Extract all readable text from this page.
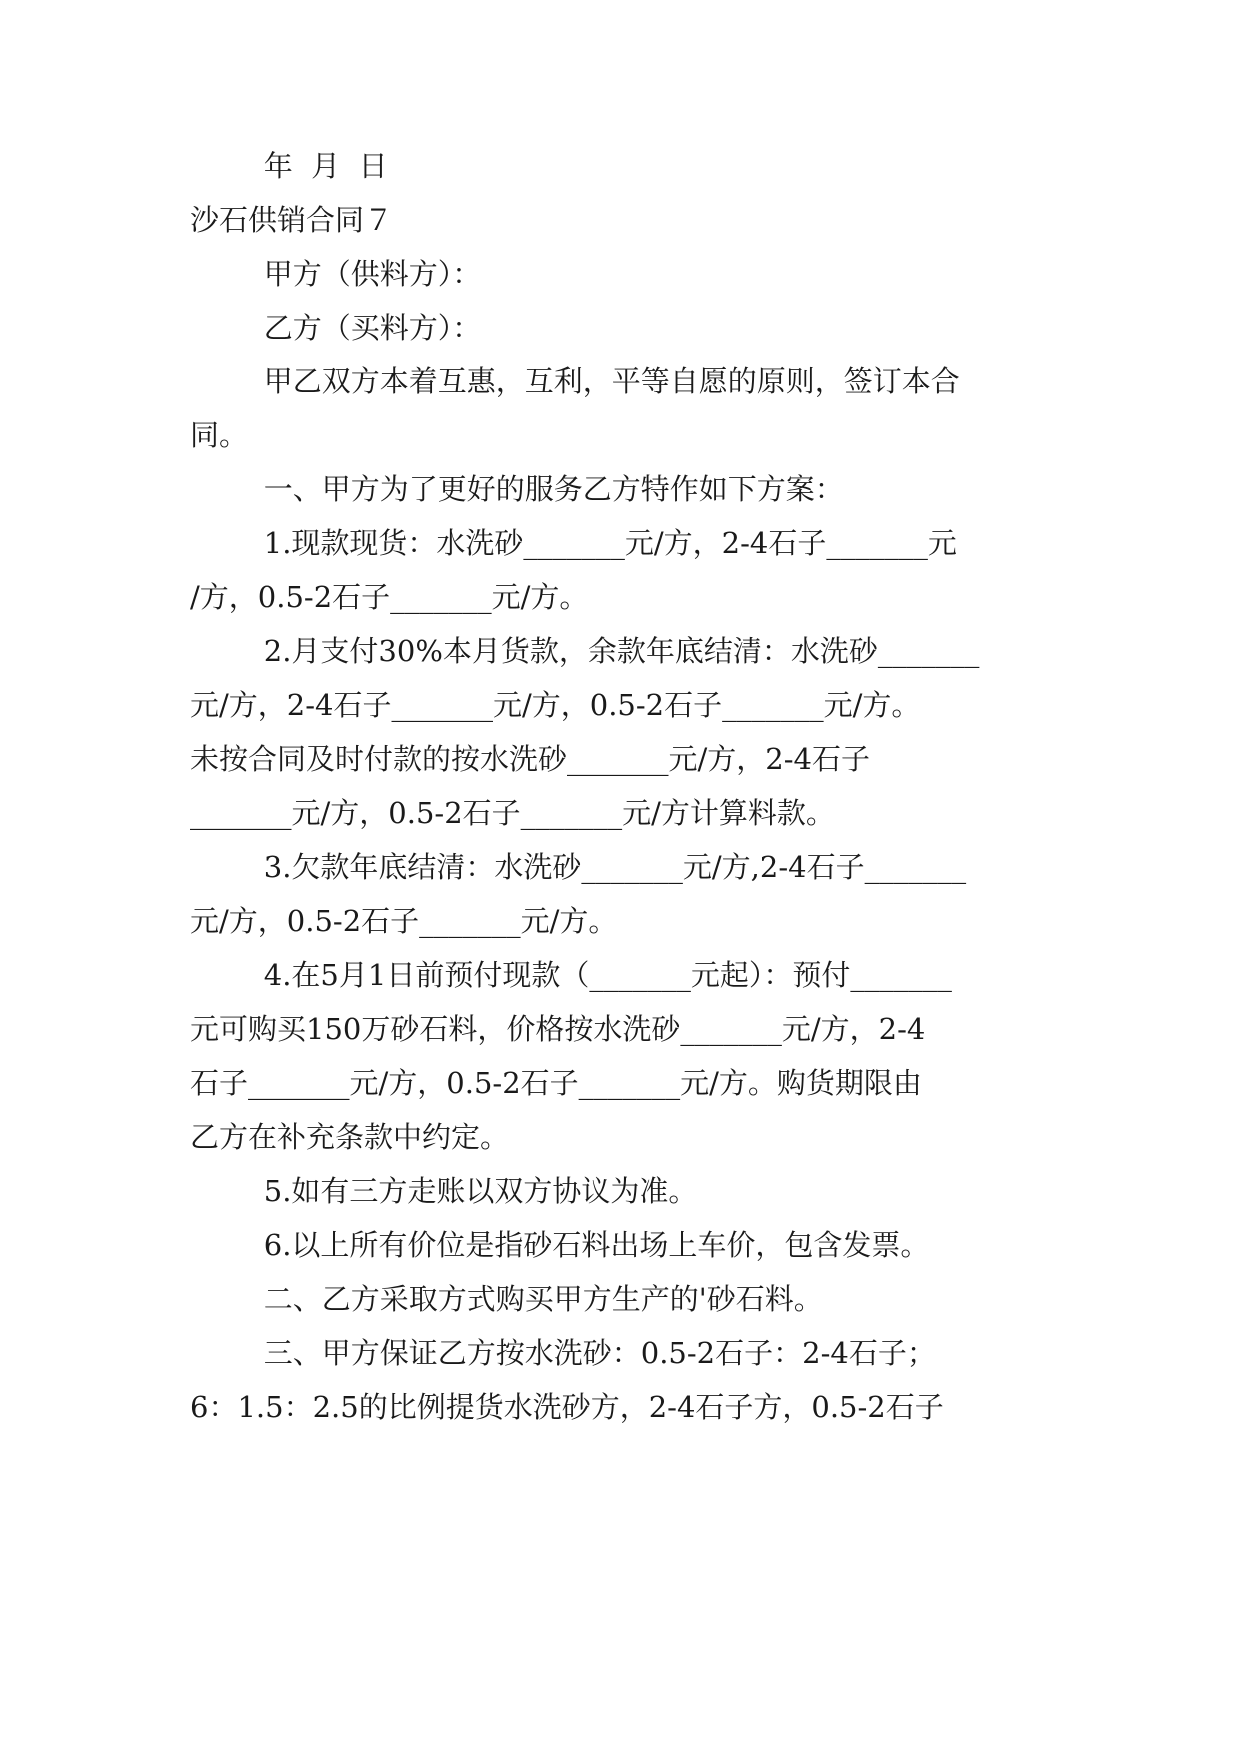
年  月  日
沙石供销合同７
甲方（供料方）：
乙方（买料方）：
甲乙双方本着互惠，互利，平等自愿的原则，签订本合
同。
一、甲方为了更好的服务乙方特作如下方案：
1.现款现货：水洗砂_______元/方，2-4石子_______元
/方，0.5-2石子_______元/方。
2.月支付30%本月货款，余款年底结清：水洗砂_______
元/方，2-4石子_______元/方，0.5-2石子_______元/方。
未按合同及时付款的按水洗砂_______元/方，2-4石子
_______元/方，0.5-2石子_______元/方计算料款。
3.欠款年底结清：水洗砂_______元/方,2-4石子_______
元/方，0.5-2石子_______元/方。
4.在5月1日前预付现款（_______元起）：预付_______
元可购买150万砂石料，价格按水洗砂_______元/方，2-4
石子_______元/方，0.5-2石子_______元/方。购货期限由
乙方在补充条款中约定。
5.如有三方走账以双方协议为准。
6.以上所有价位是指砂石料出场上车价，包含发票。
二、乙方采取方式购买甲方生产的'砂石料。
三、甲方保证乙方按水洗砂：0.5-2石子：2-4石子；
6：1.5：2.5的比例提货水洗砂方，2-4石子方，0.5-2石子
